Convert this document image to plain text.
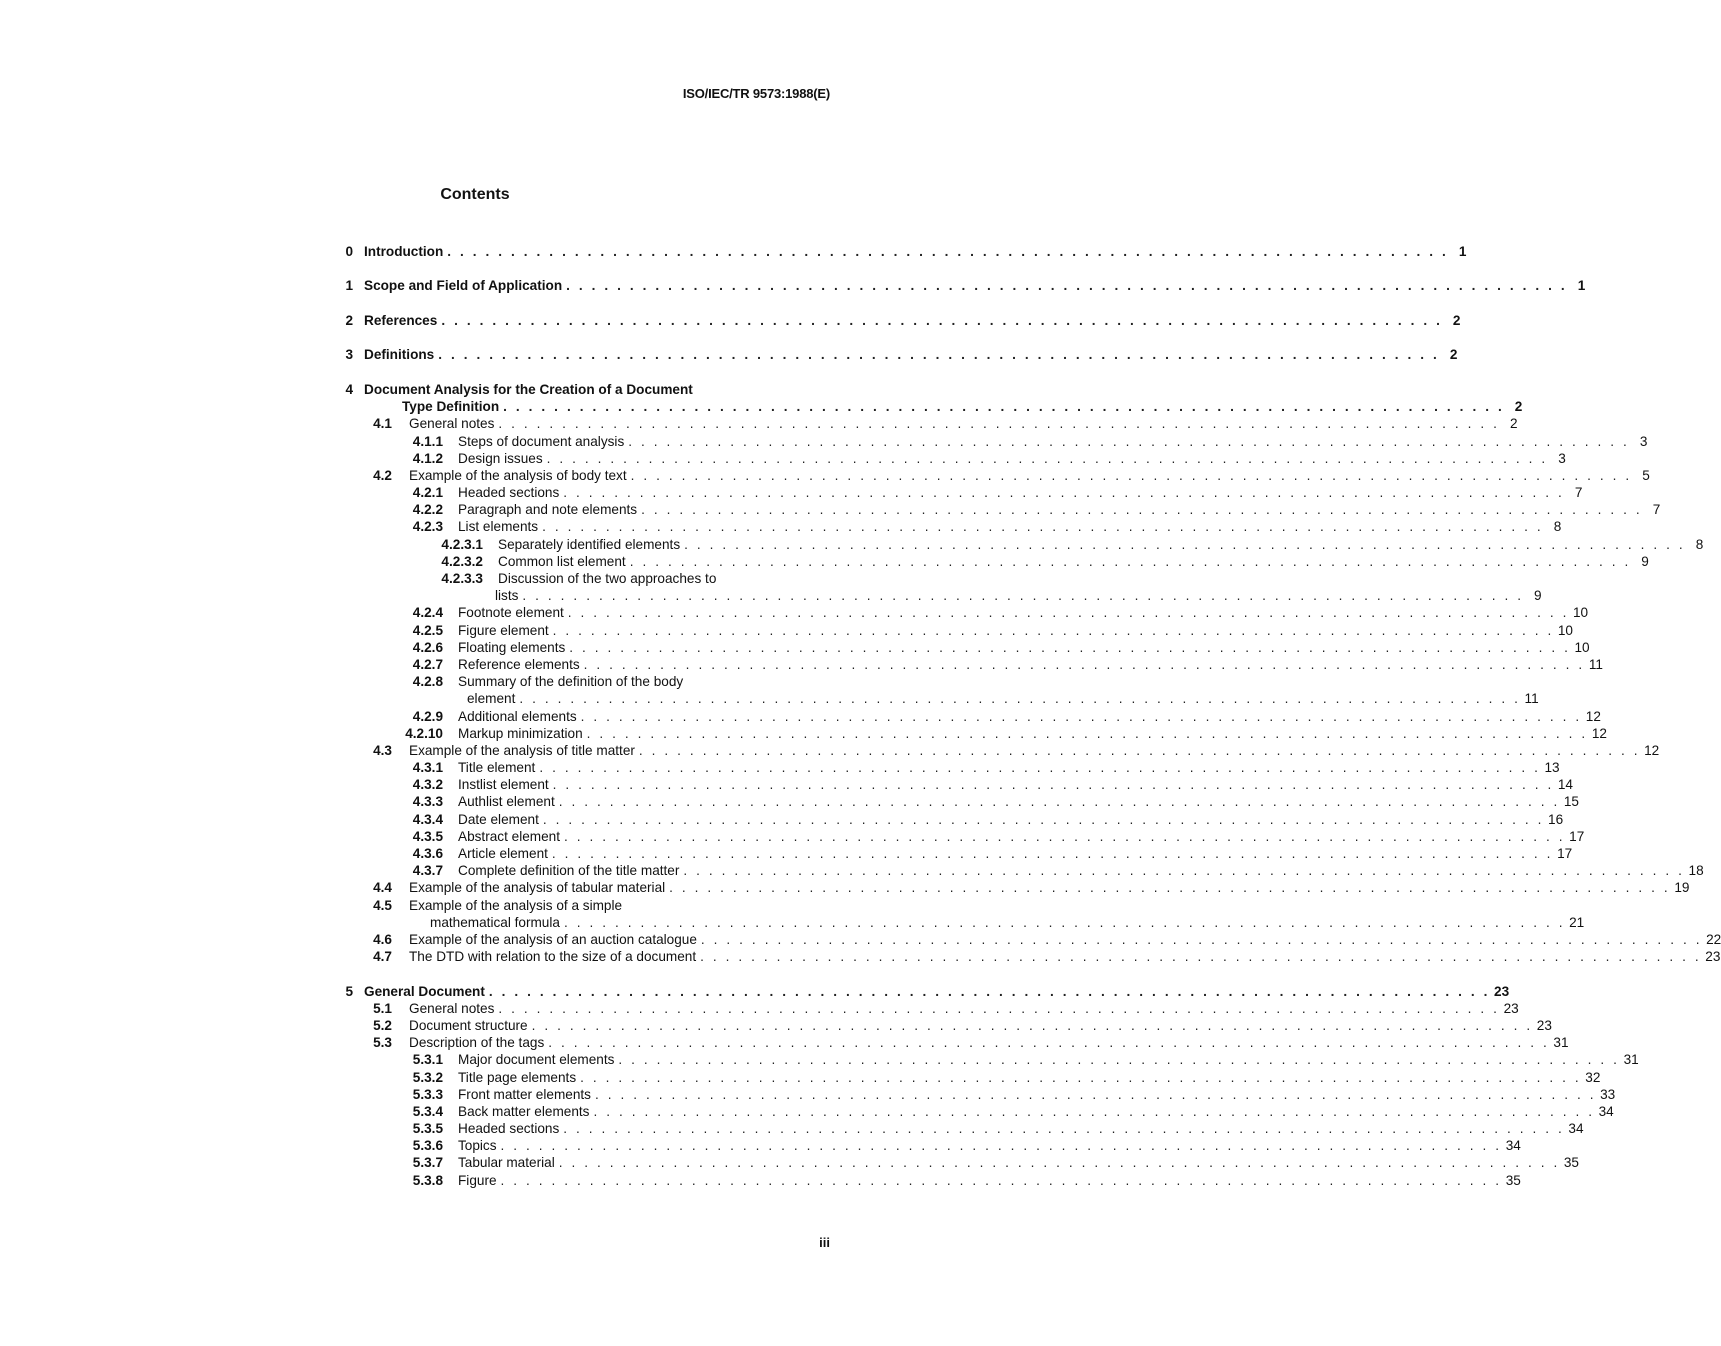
ISO/IEC/TR 9573:1988(E)
Contents
0 Introduction . . . . . . . . . . . . . . . . . . . . . . . . . . . . . . . . . . . . . . . . . . . . . . . . . . . . . . . . . . . . . . . . . . . . . . . . . . . . . . . 1
1 Scope and Field of Application . . . . . . . . . . . . . . . . . . . . . . . . . . . . . . . . . . . . . . . . . . . . . . . . . . . . . . . . . . . . . . . . . . . . . . . . . . . . . . . 1
2 References . . . . . . . . . . . . . . . . . . . . . . . . . . . . . . . . . . . . . . . . . . . . . . . . . . . . . . . . . . . . . . . . . . . . . . . . . . . . . . . 2
3 Definitions . . . . . . . . . . . . . . . . . . . . . . . . . . . . . . . . . . . . . . . . . . . . . . . . . . . . . . . . . . . . . . . . . . . . . . . . . . . . . . . 2
4 Document Analysis for the Creation of a Document
Type Definition . . . . . . . . . . . . . . . . . . . . . . . . . . . . . . . . . . . . . . . . . . . . . . . . . . . . . . . . . . . . . . . . . . . . . . . . . . . . . . . 2
4.1 General notes . . . . . . . . . . . . . . . . . . . . . . . . . . . . . . . . . . . . . . . . . . . . . . . . . . . . . . . . . . . . . . . . . . . . . . . . . . . . . . . 2
4.1.1 Steps of document analysis . . . . . . . . . . . . . . . . . . . . . . . . . . . . . . . . . . . . . . . . . . . . . . . . . . . . . . . . . . . . . . . . . . . . . . . . . . . . . . . 3
4.1.2 Design issues . . . . . . . . . . . . . . . . . . . . . . . . . . . . . . . . . . . . . . . . . . . . . . . . . . . . . . . . . . . . . . . . . . . . . . . . . . . . . . . 3
4.2 Example of the analysis of body text . . . . . . . . . . . . . . . . . . . . . . . . . . . . . . . . . . . . . . . . . . . . . . . . . . . . . . . . . . . . . . . . . . . . . . . . . . . . . . . 5
4.2.1 Headed sections . . . . . . . . . . . . . . . . . . . . . . . . . . . . . . . . . . . . . . . . . . . . . . . . . . . . . . . . . . . . . . . . . . . . . . . . . . . . . . . 7
4.2.2 Paragraph and note elements . . . . . . . . . . . . . . . . . . . . . . . . . . . . . . . . . . . . . . . . . . . . . . . . . . . . . . . . . . . . . . . . . . . . . . . . . . . . . . . 7
4.2.3 List elements . . . . . . . . . . . . . . . . . . . . . . . . . . . . . . . . . . . . . . . . . . . . . . . . . . . . . . . . . . . . . . . . . . . . . . . . . . . . . . . 8
4.2.3.1 Separately identified elements . . . . . . . . . . . . . . . . . . . . . . . . . . . . . . . . . . . . . . . . . . . . . . . . . . . . . . . . . . . . . . . . . . . . . . . . . . . . . . . 8
4.2.3.2 Common list element . . . . . . . . . . . . . . . . . . . . . . . . . . . . . . . . . . . . . . . . . . . . . . . . . . . . . . . . . . . . . . . . . . . . . . . . . . . . . . . 9
4.2.3.3 Discussion of the two approaches to
lists . . . . . . . . . . . . . . . . . . . . . . . . . . . . . . . . . . . . . . . . . . . . . . . . . . . . . . . . . . . . . . . . . . . . . . . . . . . . . . . 9
4.2.4 Footnote element . . . . . . . . . . . . . . . . . . . . . . . . . . . . . . . . . . . . . . . . . . . . . . . . . . . . . . . . . . . . . . . . . . . . . . . . . . . . . . . 10
4.2.5 Figure element . . . . . . . . . . . . . . . . . . . . . . . . . . . . . . . . . . . . . . . . . . . . . . . . . . . . . . . . . . . . . . . . . . . . . . . . . . . . . . . 10
4.2.6 Floating elements . . . . . . . . . . . . . . . . . . . . . . . . . . . . . . . . . . . . . . . . . . . . . . . . . . . . . . . . . . . . . . . . . . . . . . . . . . . . . . . 10
4.2.7 Reference elements . . . . . . . . . . . . . . . . . . . . . . . . . . . . . . . . . . . . . . . . . . . . . . . . . . . . . . . . . . . . . . . . . . . . . . . . . . . . . . . 11
4.2.8 Summary of the definition of the body
element . . . . . . . . . . . . . . . . . . . . . . . . . . . . . . . . . . . . . . . . . . . . . . . . . . . . . . . . . . . . . . . . . . . . . . . . . . . . . . . 11
4.2.9 Additional elements . . . . . . . . . . . . . . . . . . . . . . . . . . . . . . . . . . . . . . . . . . . . . . . . . . . . . . . . . . . . . . . . . . . . . . . . . . . . . . . 12
4.2.10 Markup minimization . . . . . . . . . . . . . . . . . . . . . . . . . . . . . . . . . . . . . . . . . . . . . . . . . . . . . . . . . . . . . . . . . . . . . . . . . . . . . . . 12
4.3 Example of the analysis of title matter . . . . . . . . . . . . . . . . . . . . . . . . . . . . . . . . . . . . . . . . . . . . . . . . . . . . . . . . . . . . . . . . . . . . . . . . . . . . . . . 12
4.3.1 Title element . . . . . . . . . . . . . . . . . . . . . . . . . . . . . . . . . . . . . . . . . . . . . . . . . . . . . . . . . . . . . . . . . . . . . . . . . . . . . . . 13
4.3.2 Instlist element . . . . . . . . . . . . . . . . . . . . . . . . . . . . . . . . . . . . . . . . . . . . . . . . . . . . . . . . . . . . . . . . . . . . . . . . . . . . . . . 14
4.3.3 Authlist element . . . . . . . . . . . . . . . . . . . . . . . . . . . . . . . . . . . . . . . . . . . . . . . . . . . . . . . . . . . . . . . . . . . . . . . . . . . . . . . 15
4.3.4 Date element . . . . . . . . . . . . . . . . . . . . . . . . . . . . . . . . . . . . . . . . . . . . . . . . . . . . . . . . . . . . . . . . . . . . . . . . . . . . . . . 16
4.3.5 Abstract element . . . . . . . . . . . . . . . . . . . . . . . . . . . . . . . . . . . . . . . . . . . . . . . . . . . . . . . . . . . . . . . . . . . . . . . . . . . . . . . 17
4.3.6 Article element . . . . . . . . . . . . . . . . . . . . . . . . . . . . . . . . . . . . . . . . . . . . . . . . . . . . . . . . . . . . . . . . . . . . . . . . . . . . . . . 17
4.3.7 Complete definition of the title matter . . . . . . . . . . . . . . . . . . . . . . . . . . . . . . . . . . . . . . . . . . . . . . . . . . . . . . . . . . . . . . . . . . . . . . . . . . . . . . . 18
4.4 Example of the analysis of tabular material . . . . . . . . . . . . . . . . . . . . . . . . . . . . . . . . . . . . . . . . . . . . . . . . . . . . . . . . . . . . . . . . . . . . . . . . . . . . . . . 19
4.5 Example of the analysis of a simple
mathematical formula . . . . . . . . . . . . . . . . . . . . . . . . . . . . . . . . . . . . . . . . . . . . . . . . . . . . . . . . . . . . . . . . . . . . . . . . . . . . . . . 21
4.6 Example of the analysis of an auction catalogue . . . . . . . . . . . . . . . . . . . . . . . . . . . . . . . . . . . . . . . . . . . . . . . . . . . . . . . . . . . . . . . . . . . . . . . . . . . . . . . 22
4.7 The DTD with relation to the size of a document . . . . . . . . . . . . . . . . . . . . . . . . . . . . . . . . . . . . . . . . . . . . . . . . . . . . . . . . . . . . . . . . . . . . . . . . . . . . . . . 23
5 General Document . . . . . . . . . . . . . . . . . . . . . . . . . . . . . . . . . . . . . . . . . . . . . . . . . . . . . . . . . . . . . . . . . . . . . . . . . . . . . . . 23
5.1 General notes . . . . . . . . . . . . . . . . . . . . . . . . . . . . . . . . . . . . . . . . . . . . . . . . . . . . . . . . . . . . . . . . . . . . . . . . . . . . . . . 23
5.2 Document structure . . . . . . . . . . . . . . . . . . . . . . . . . . . . . . . . . . . . . . . . . . . . . . . . . . . . . . . . . . . . . . . . . . . . . . . . . . . . . . . 23
5.3 Description of the tags . . . . . . . . . . . . . . . . . . . . . . . . . . . . . . . . . . . . . . . . . . . . . . . . . . . . . . . . . . . . . . . . . . . . . . . . . . . . . . . 31
5.3.1 Major document elements . . . . . . . . . . . . . . . . . . . . . . . . . . . . . . . . . . . . . . . . . . . . . . . . . . . . . . . . . . . . . . . . . . . . . . . . . . . . . . . 31
5.3.2 Title page elements . . . . . . . . . . . . . . . . . . . . . . . . . . . . . . . . . . . . . . . . . . . . . . . . . . . . . . . . . . . . . . . . . . . . . . . . . . . . . . . 32
5.3.3 Front matter elements . . . . . . . . . . . . . . . . . . . . . . . . . . . . . . . . . . . . . . . . . . . . . . . . . . . . . . . . . . . . . . . . . . . . . . . . . . . . . . . 33
5.3.4 Back matter elements . . . . . . . . . . . . . . . . . . . . . . . . . . . . . . . . . . . . . . . . . . . . . . . . . . . . . . . . . . . . . . . . . . . . . . . . . . . . . . . 34
5.3.5 Headed sections . . . . . . . . . . . . . . . . . . . . . . . . . . . . . . . . . . . . . . . . . . . . . . . . . . . . . . . . . . . . . . . . . . . . . . . . . . . . . . . 34
5.3.6 Topics . . . . . . . . . . . . . . . . . . . . . . . . . . . . . . . . . . . . . . . . . . . . . . . . . . . . . . . . . . . . . . . . . . . . . . . . . . . . . . . 34
5.3.7 Tabular material . . . . . . . . . . . . . . . . . . . . . . . . . . . . . . . . . . . . . . . . . . . . . . . . . . . . . . . . . . . . . . . . . . . . . . . . . . . . . . . 35
5.3.8 Figure . . . . . . . . . . . . . . . . . . . . . . . . . . . . . . . . . . . . . . . . . . . . . . . . . . . . . . . . . . . . . . . . . . . . . . . . . . . . . . . 35
iii
